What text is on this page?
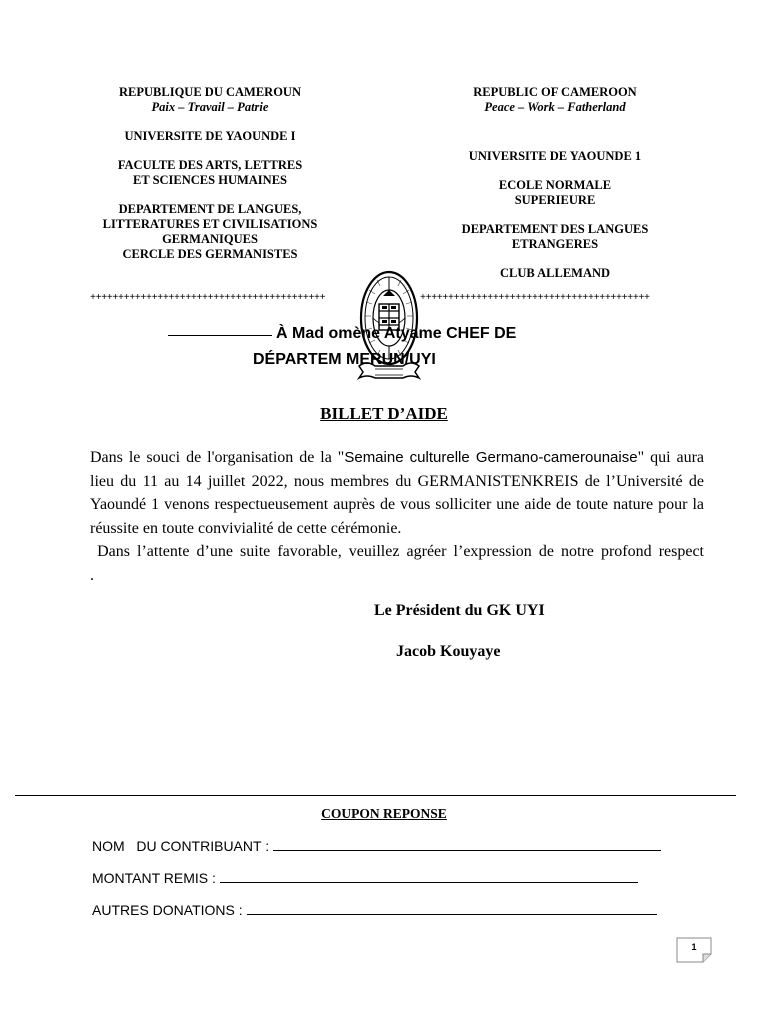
REPUBLIQUE DU CAMEROUN
Paix – Travail – Patrie
UNIVERSITE DE YAOUNDE I
FACULTE DES ARTS, LETTRES
ET SCIENCES HUMAINES
DEPARTEMENT DE LANGUES,
LITTERATURES ET CIVILISATIONS
GERMANIQUES
CERCLE DES GERMANISTES
REPUBLIC OF CAMEROON
Peace – Work – Fatherland
UNIVERSITE DE YAOUNDE 1
ECOLE NORMALE
SUPERIEURE
DEPARTEMENT DES LANGUES
ETRANGERES
CLUB ALLEMAND
++++++++++++++++++++++++++++++++++++++++++	+++++++++++++++++++++++++++++++++++++++++
À Mad omène Atyame CHEF DE
DÉPARTEM MERUN/UYI
BILLET D’AIDE

Dans le souci de l'organisation de la "Semaine culturelle Germano-camerounaise" qui aura lieu du 11 au 14 juillet 2022, nous membres du GERMANISTENKREIS de l’Université de Yaoundé 1 venons respectueusement auprès de vous solliciter une aide de toute nature pour la réussite en toute convivialité de cette cérémonie.

Dans l’attente d’une suite favorable, veuillez agréer l’expression de notre profond respect         .

Le Président du GK UYI
Jacob Kouyaye
COUPON REPONSE
NOM   DU CONTRIBUANT :
MONTANT REMIS :
AUTRES DONATIONS :
1
